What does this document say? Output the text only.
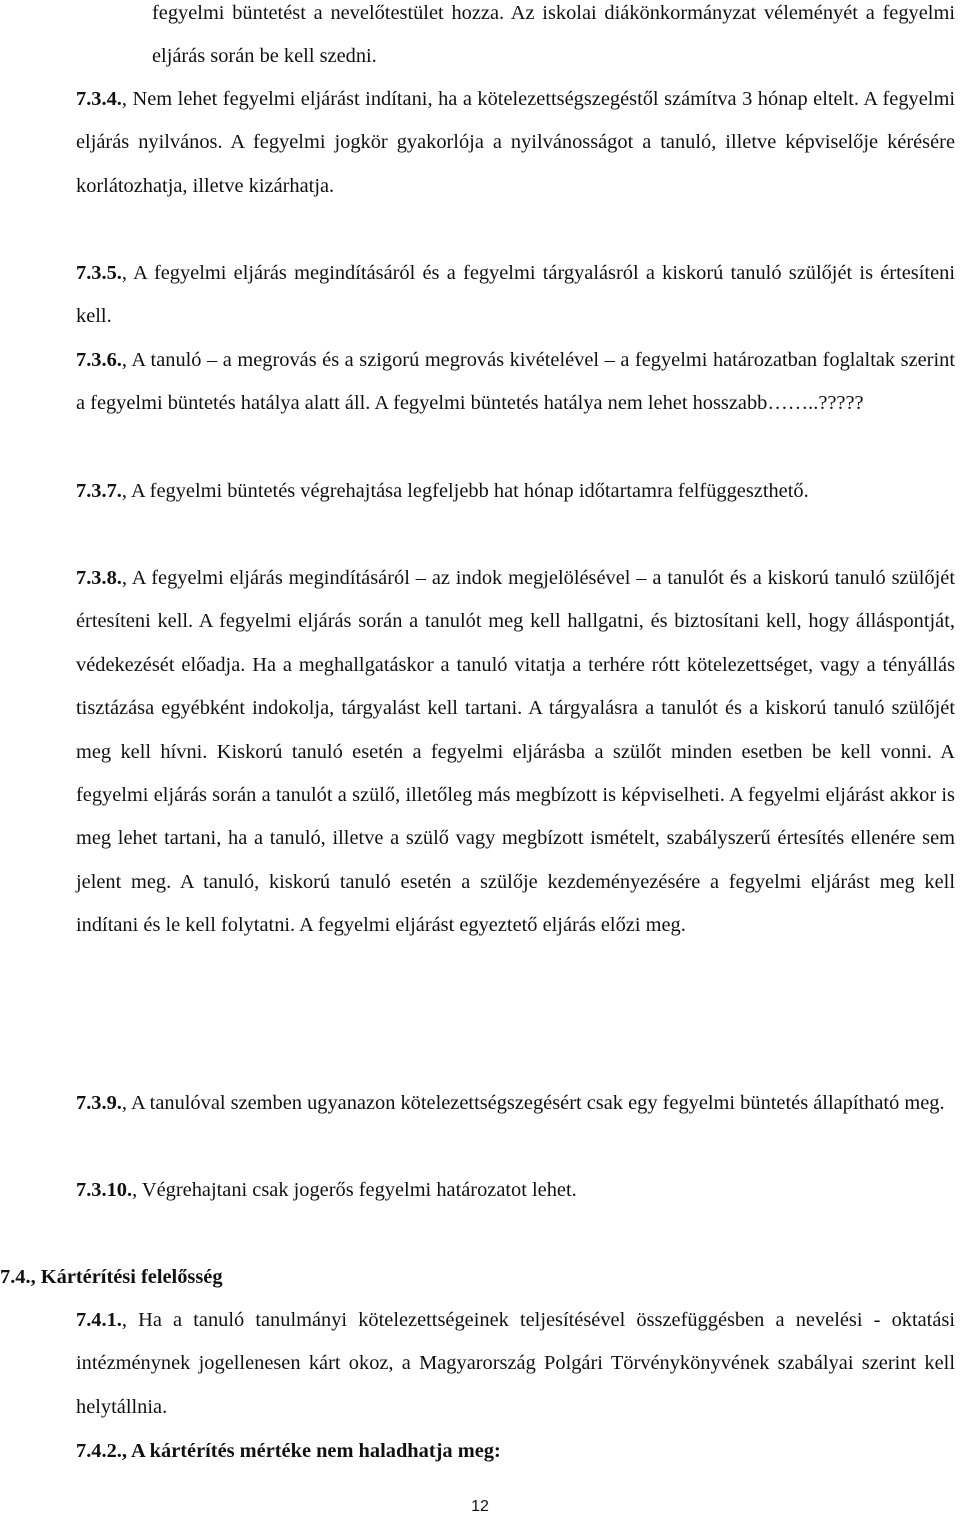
fegyelmi büntetést a nevelőtestület hozza. Az iskolai diákönkormányzat véleményét a fegyelmi eljárás során be kell szedni.

7.3.4., Nem lehet fegyelmi eljárást indítani, ha a kötelezettségszegéstől számítva 3 hónap eltelt. A fegyelmi eljárás nyilvános. A fegyelmi jogkör gyakorlója a nyilvánosságot a tanuló, illetve képviselője kérésére korlátozhatja, illetve kizárhatja.

7.3.5., A fegyelmi eljárás megindításáról és a fegyelmi tárgyalásról a kiskorú tanuló szülőjét is értesíteni kell.

7.3.6., A tanuló – a megrovás és a szigorú megrovás kivételével – a fegyelmi határozatban foglaltak szerint a fegyelmi büntetés hatálya alatt áll. A fegyelmi büntetés hatálya nem lehet hosszabb……..?????

7.3.7., A fegyelmi büntetés végrehajtása legfeljebb hat hónap időtartamra felfüggeszthető.

7.3.8., A fegyelmi eljárás megindításáról – az indok megjelölésével – a tanulót és a kiskorú tanuló szülőjét értesíteni kell. A fegyelmi eljárás során a tanulót meg kell hallgatni, és biztosítani kell, hogy álláspontját, védekezését előadja. Ha a meghallgatáskor a tanuló vitatja a terhére rótt kötelezettséget, vagy a tényállás tisztázása egyébként indokolja, tárgyalást kell tartani. A tárgyalásra a tanulót és a kiskorú tanuló szülőjét meg kell hívni. Kiskorú tanuló esetén a fegyelmi eljárásba a szülőt minden esetben be kell vonni. A fegyelmi eljárás során a tanulót a szülő, illetőleg más megbízott is képviselheti. A fegyelmi eljárást akkor is meg lehet tartani, ha a tanuló, illetve a szülő vagy megbízott ismételt, szabályszerű értesítés ellenére sem jelent meg. A tanuló, kiskorú tanuló esetén a szülője kezdeményezésére a fegyelmi eljárást meg kell indítani és le kell folytatni. A fegyelmi eljárást egyeztető eljárás előzi meg.

7.3.9., A tanulóval szemben ugyanazon kötelezettségszegésért csak egy fegyelmi büntetés állapítható meg.

7.3.10., Végrehajtani csak jogerős fegyelmi határozatot lehet.

7.4., Kártérítési felelősség

7.4.1., Ha a tanuló tanulmányi kötelezettségeinek teljesítésével összefüggésben a nevelési - oktatási intézménynek jogellenesen kárt okoz, a Magyarország Polgári Törvénykönyvének szabályai szerint kell helytállnia.

7.4.2., A kártérítés mértéke nem haladhatja meg:

12
